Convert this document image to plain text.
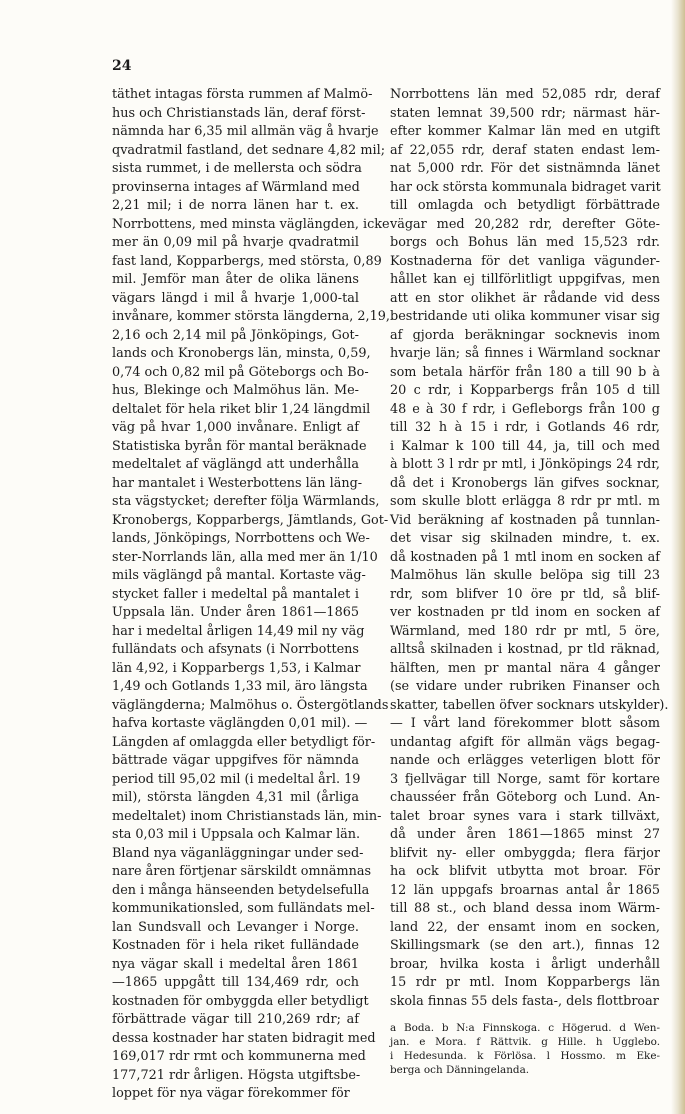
24
täthet intagas första rummen af Malmö-
hus och Christianstads län, deraf först-
nämnda har 6,35 mil allmän väg å hvarje
qvadratmil fastland, det sednare 4,82 mil;
sista rummet, i de mellersta och södra
provinserna intages af Wärmland med
2,21 mil; i de norra länen har t. ex.
Norrbottens, med minsta väglängden, icke
mer än 0,09 mil på hvarje qvadratmil
fast land, Kopparbergs, med största, 0,89
mil. Jemför man åter de olika länens
vägars längd i mil å hvarje 1,000-tal
invånare, kommer största längderna, 2,19,
2,16 och 2,14 mil på Jönköpings, Got-
lands och Kronobergs län, minsta, 0,59,
0,74 och 0,82 mil på Göteborgs och Bo-
hus, Blekinge och Malmöhus län. Me-
deltalet för hela riket blir 1,24 längdmil
väg på hvar 1,000 invånare. Enligt af
Statistiska byrån för mantal beräknade
medeltalet af väglängd att underhålla
har mantalet i Westerbottens län läng-
sta vägstycket; derefter följa Wärmlands,
Kronobergs, Kopparbergs, Jämtlands, Got-
lands, Jönköpings, Norrbottens och We-
ster-Norrlands län, alla med mer än 1/10
mils väglängd på mantal. Kortaste väg-
stycket faller i medeltal på mantalet i
Uppsala län. Under åren 1861—1865
har i medeltal årligen 14,49 mil ny väg
fulländats och afsynats (i Norrbottens
län 4,92, i Kopparbergs 1,53, i Kalmar
1,49 och Gotlands 1,33 mil, äro längsta
väglängderna; Malmöhus o. Östergötlands
hafva kortaste väglängden 0,01 mil). —
Längden af omlaggda eller betydligt för-
bättrade vägar uppgifves för nämnda
period till 95,02 mil (i medeltal årl. 19
mil), största längden 4,31 mil (årliga
medeltalet) inom Christianstads län, min-
sta 0,03 mil i Uppsala och Kalmar län.
Bland nya väganläggningar under sed-
nare åren förtjenar särskildt omnämnas
den i många hänseenden betydelsefulla
kommunikationsled, som fulländats mel-
lan Sundsvall och Levanger i Norge.
Kostnaden för i hela riket fulländade
nya vägar skall i medeltal åren 1861
—1865 uppgått till 134,469 rdr, och
kostnaden för ombyggda eller betydligt
förbättrade vägar till 210,269 rdr; af
dessa kostnader har staten bidragit med
169,017 rdr rmt och kommunerna med
177,721 rdr årligen. Högsta utgiftsbe-
loppet för nya vägar förekommer för
Norrbottens län med 52,085 rdr, deraf
staten lemnat 39,500 rdr; närmast här-
efter kommer Kalmar län med en utgift
af 22,055 rdr, deraf staten endast lem-
nat 5,000 rdr. För det sistnämnda länet
har ock största kommunala bidraget varit
till omlagda och betydligt förbättrade
vägar med 20,282 rdr, derefter Göte-
borgs och Bohus län med 15,523 rdr.
Kostnaderna för det vanliga vägunder-
hållet kan ej tillförlitligt uppgifvas, men
att en stor olikhet är rådande vid dess
bestridande uti olika kommuner visar sig
af gjorda beräkningar socknevis inom
hvarje län; så finnes i Wärmland socknar
som betala härför från 180 a till 90 b à
20 c rdr, i Kopparbergs från 105 d till
48 e à 30 f rdr, i Gefleborgs från 100 g
till 32 h à 15 i rdr, i Gotlands 46 rdr,
i Kalmar k 100 till 44, ja, till och med
à blott 3 l rdr pr mtl, i Jönköpings 24 rdr,
då det i Kronobergs län gifves socknar,
som skulle blott erlägga 8 rdr pr mtl. m
Vid beräkning af kostnaden på tunnlan-
det visar sig skilnaden mindre, t. ex.
då kostnaden på 1 mtl inom en socken af
Malmöhus län skulle belöpa sig till 23
rdr, som blifver 10 öre pr tld, så blif-
ver kostnaden pr tld inom en socken af
Wärmland, med 180 rdr pr mtl, 5 öre,
alltså skilnaden i kostnad, pr tld räknad,
hälften, men pr mantal nära 4 gånger
(se vidare under rubriken Finanser och
skatter, tabellen öfver socknars utskylder).
— I vårt land förekommer blott såsom
undantag afgift för allmän vägs begag-
nande och erlägges veterligen blott för
3 fjellvägar till Norge, samt för kortare
chausséer från Göteborg och Lund. An-
talet broar synes vara i stark tillväxt,
då under åren 1861—1865 minst 27
blifvit ny- eller ombyggda; flera färjor
ha ock blifvit utbytta mot broar. För
12 län uppgafs broarnas antal år 1865
till 88 st., och bland dessa inom Wärm-
land 22, der ensamt inom en socken,
Skillingsmark (se den art.), finnas 12
broar, hvilka kosta i årligt underhåll
15 rdr pr mtl. Inom Kopparbergs län
skola finnas 55 dels fasta-, dels flottbroar
a Boda. b N:a Finnskoga. c Högerud. d Wen-
jan. e Mora. f Rättvik. g Hille. h Ugglebo.
i Hedesunda. k Förlösa. l Hossmo. m Eke-
berga och Dänningelanda.
